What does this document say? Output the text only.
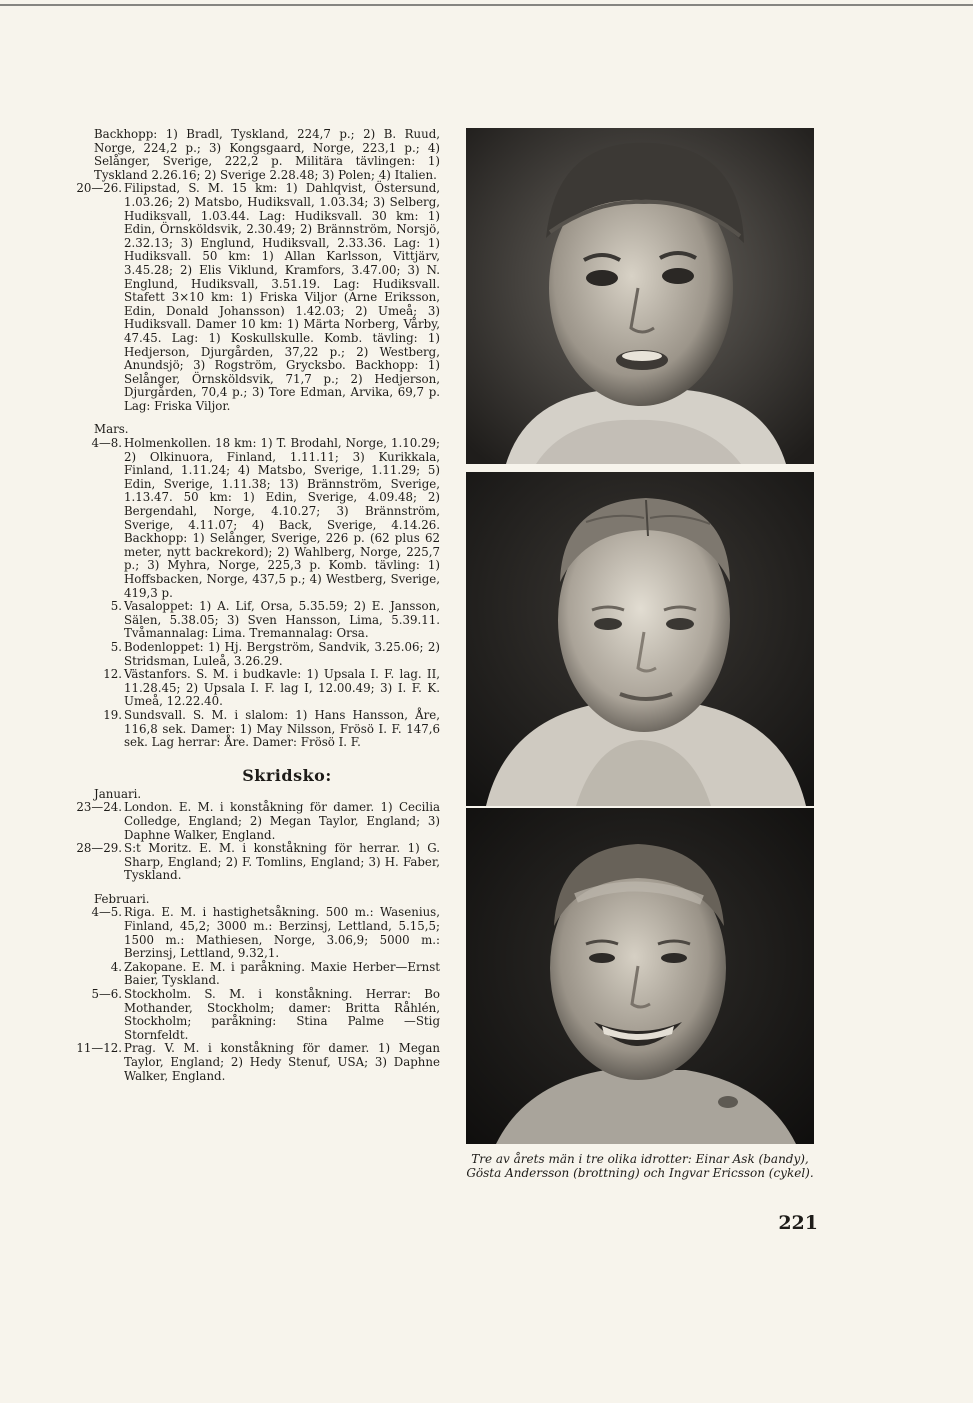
Backhopp: 1) Bradl, Tyskland, 224,7 p.; 2) B. Ruud, Norge, 224,2 p.; 3) Kongsgaard, Norge, 223,1 p.; 4) Selånger, Sverige, 222,2 p. Militära tävlingen: 1) Tyskland 2.26.16; 2) Sverige 2.28.48; 3) Polen; 4) Italien.
20—26. Filipstad, S. M. 15 km: 1) Dahlqvist, Östersund, 1.03.26; 2) Matsbo, Hudiksvall, 1.03.34; 3) Selberg, Hudiksvall, 1.03.44. Lag: Hudiksvall. 30 km: 1) Edin, Örnsköldsvik, 2.30.49; 2) Brännström, Norsjö, 2.32.13; 3) Englund, Hudiksvall, 2.33.36. Lag: 1) Hudiksvall. 50 km: 1) Allan Karlsson, Vittjärv, 3.45.28; 2) Elis Viklund, Kramfors, 3.47.00; 3) N. Englund, Hudiksvall, 3.51.19. Lag: Hudiksvall. Stafett 3×10 km: 1) Friska Viljor (Arne Eriksson, Edin, Donald Johansson) 1.42.03; 2) Umeå; 3) Hudiksvall. Damer 10 km: 1) Märta Norberg, Vårby, 47.45. Lag: 1) Koskullskulle. Komb. tävling: 1) Hedjerson, Djurgården, 37,22 p.; 2) Westberg, Anundsjö; 3) Rogström, Grycksbo. Backhopp: 1) Selånger, Örnsköldsvik, 71,7 p.; 2) Hedjerson, Djurgården, 70,4 p.; 3) Tore Edman, Arvika, 69,7 p. Lag: Friska Viljor.
Mars.
4—8. Holmenkollen. 18 km: 1) T. Brodahl, Norge, 1.10.29; 2) Olkinuora, Finland, 1.11.11; 3) Kurikkala, Finland, 1.11.24; 4) Matsbo, Sverige, 1.11.29; 5) Edin, Sverige, 1.11.38; 13) Brännström, Sverige, 1.13.47. 50 km: 1) Edin, Sverige, 4.09.48; 2) Bergendahl, Norge, 4.10.27; 3) Brännström, Sverige, 4.11.07; 4) Back, Sverige, 4.14.26. Backhopp: 1) Selånger, Sverige, 226 p. (62 plus 62 meter, nytt backrekord); 2) Wahlberg, Norge, 225,7 p.; 3) Myhra, Norge, 225,3 p. Komb. tävling: 1) Hoffsbacken, Norge, 437,5 p.; 4) Westberg, Sverige, 419,3 p.
5. Vasaloppet: 1) A. Lif, Orsa, 5.35.59; 2) E. Jansson, Sälen, 5.38.05; 3) Sven Hansson, Lima, 5.39.11. Tvåmannalag: Lima. Tremannalag: Orsa.
5. Bodenloppet: 1) Hj. Bergström, Sandvik, 3.25.06; 2) Stridsman, Luleå, 3.26.29.
12. Västanfors. S. M. i budkavle: 1) Upsala I. F. lag. II, 11.28.45; 2) Upsala I. F. lag I, 12.00.49; 3) I. F. K. Umeå, 12.22.40.
19. Sundsvall. S. M. i slalom: 1) Hans Hansson, Åre, 116,8 sek. Damer: 1) May Nilsson, Frösö I. F. 147,6 sek. Lag herrar: Åre. Damer: Frösö I. F.
Skridsko:
Januari.
23—24. London. E. M. i konståkning för damer. 1) Cecilia Colledge, England; 2) Megan Taylor, England; 3) Daphne Walker, England.
28—29. S:t Moritz. E. M. i konståkning för herrar. 1) G. Sharp, England; 2) F. Tomlins, England; 3) H. Faber, Tyskland.
Februari.
4—5. Riga. E. M. i hastighetsåkning. 500 m.: Wasenius, Finland, 45,2; 3000 m.: Berzinsj, Lettland, 5.15,5; 1500 m.: Mathiesen, Norge, 3.06,9; 5000 m.: Berzinsj, Lettland, 9.32,1.
4. Zakopane. E. M. i paråkning. Maxie Herber—Ernst Baier, Tyskland.
5—6. Stockholm. S. M. i konståkning. Herrar: Bo Mothander, Stockholm; damer: Britta Råhlén, Stockholm; paråkning: Stina Palme —Stig Stornfeldt.
11—12. Prag. V. M. i konståkning för damer. 1) Megan Taylor, England; 2) Hedy Stenuf, USA; 3) Daphne Walker, England.
Tre av årets män i tre olika idrotter: Einar Ask (bandy), Gösta Andersson (brottning) och Ingvar Ericsson (cykel).
221
